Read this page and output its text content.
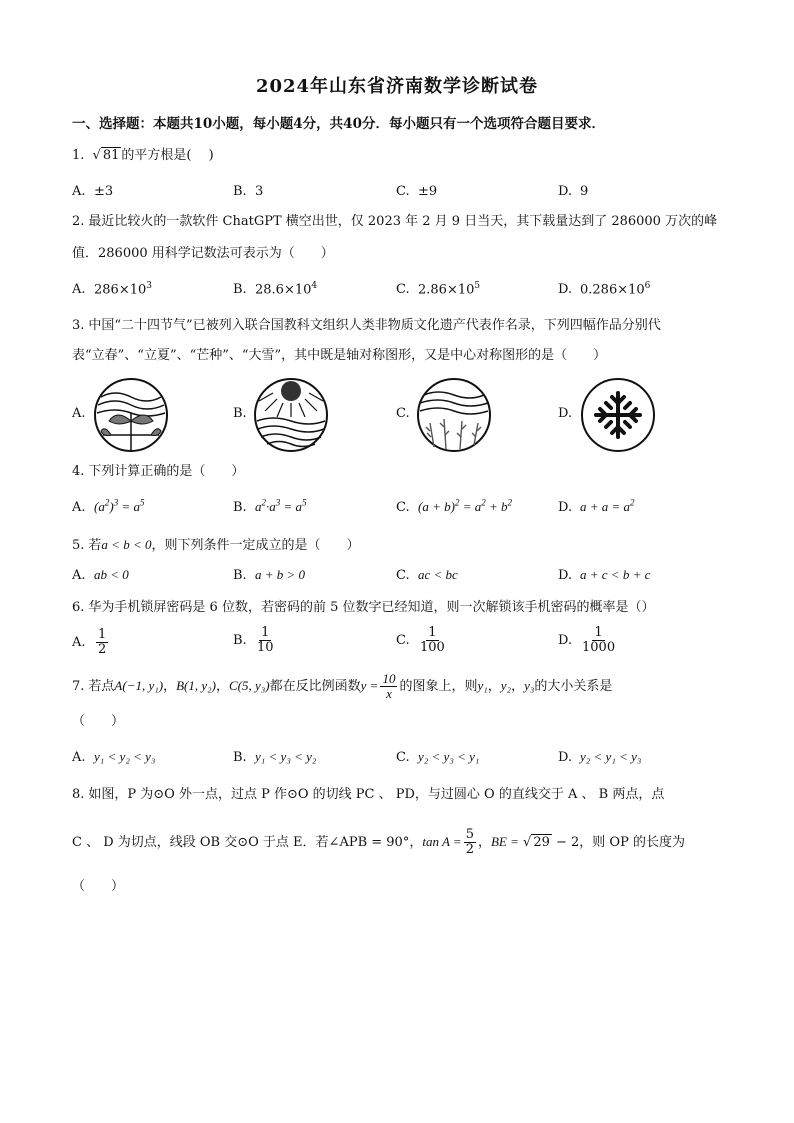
2024年山东省济南数学诊断试卷
一、选择题：本题共10小题，每小题4分，共40分．每小题只有一个选项符合题目要求．
1. √ 81 的平方根是(　 )
A. ±3	B. 3	C. ±9	D. 9
2. 最近比较火的一款软件 ChatGPT 横空出世，仅 2023 年 2 月 9 日当天，其下载量达到了 286000 万次的峰
值．286000 用科学记数法可表示为（　　）
A. $286\times 10^3$	B. $28.6\times 10^4$	C. $2.86\times 10^5$	D. $0.286\times 10^6$
3. 中国“二十四节气”已被列入联合国教科文组织人类非物质文化遗产代表作名录，下列四幅作品分别代
表“立春”、“立夏”、“芒种”、“大雪”，其中既是轴对称图形，又是中心对称图形的是（　　）
A.	B.	C.	D.
4. 下列计算正确的是（　　）
A. $(a^2)^3 = a^5$	B. $a^2\cdot a^3 = a^5$	C. $(a + b)^2 = a^2 + b^2$	D. $a + a = a^2$
5. 若a < b < 0，则下列条件一定成立的是（　　）
A. ab < 0	B. a + b > 0	C. ac < bc	D. a + c < b + c
6. 华为手机锁屏密码是 6 位数，若密码的前 5 位数字已经知道，则一次解锁该手机密码的概率是（）
A. $\frac{1}{2}$	B. $\frac{1}{10}$	C. $\frac{1}{100}$	D. $\frac{1}{1000}$
7. 若点A(−1, y₁)，B(1, y₂)，C(5, y₃)都在反比例函数$y = \frac{10}{x}$ 的图象上，则y₁，y₂，y₃的大小关系是
（　　）
A. y₁ < y₂ < y₃	B. y₁ < y₃ < y₂	C. y₂ < y₃ < y₁	D. y₂ < y₁ < y₃
8. 如图，P 为⊙O 外一点，过点 P 作⊙O 的切线 PC 、 PD，与过圆心 O 的直线交于 A 、 B 两点，点
C 、 D 为切点，线段 OB 交⊙O 于点 E．若∠APB = 90°，$\tan A = \frac{5}{2}$ ，BE = √ 29 − 2，则 OP 的长度为
（　　）
